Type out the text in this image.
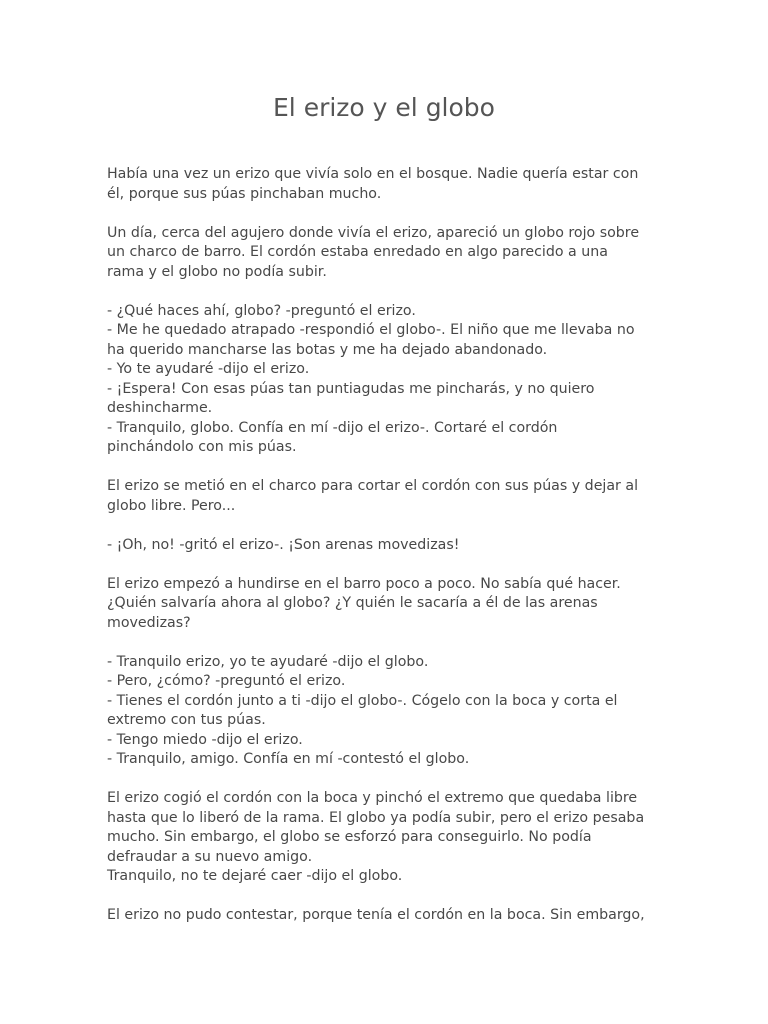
El erizo y el globo

Había una vez un erizo que vivía solo en el bosque. Nadie quería estar con
él, porque sus púas pinchaban mucho.

Un día, cerca del agujero donde vivía el erizo, apareció un globo rojo sobre
un charco de barro. El cordón estaba enredado en algo parecido a una
rama y el globo no podía subir.

- ¿Qué haces ahí, globo? -preguntó el erizo.
- Me he quedado atrapado -respondió el globo-. El niño que me llevaba no
ha querido mancharse las botas y me ha dejado abandonado.
- Yo te ayudaré -dijo el erizo.
- ¡Espera! Con esas púas tan puntiagudas me pincharás, y no quiero
deshincharme.
- Tranquilo, globo. Confía en mí -dijo el erizo-. Cortaré el cordón
pinchándolo con mis púas.

El erizo se metió en el charco para cortar el cordón con sus púas y dejar al
globo libre. Pero...

- ¡Oh, no! -gritó el erizo-. ¡Son arenas movedizas!

El erizo empezó a hundirse en el barro poco a poco. No sabía qué hacer.
¿Quién salvaría ahora al globo? ¿Y quién le sacaría a él de las arenas
movedizas?

- Tranquilo erizo, yo te ayudaré -dijo el globo.
- Pero, ¿cómo? -preguntó el erizo.
- Tienes el cordón junto a ti -dijo el globo-. Cógelo con la boca y corta el
extremo con tus púas.
- Tengo miedo -dijo el erizo.
- Tranquilo, amigo. Confía en mí -contestó el globo.

El erizo cogió el cordón con la boca y pinchó el extremo que quedaba libre
hasta que lo liberó de la rama. El globo ya podía subir, pero el erizo pesaba
mucho. Sin embargo, el globo se esforzó para conseguirlo. No podía
defraudar a su nuevo amigo.
Tranquilo, no te dejaré caer -dijo el globo.

El erizo no pudo contestar, porque tenía el cordón en la boca. Sin embargo,
